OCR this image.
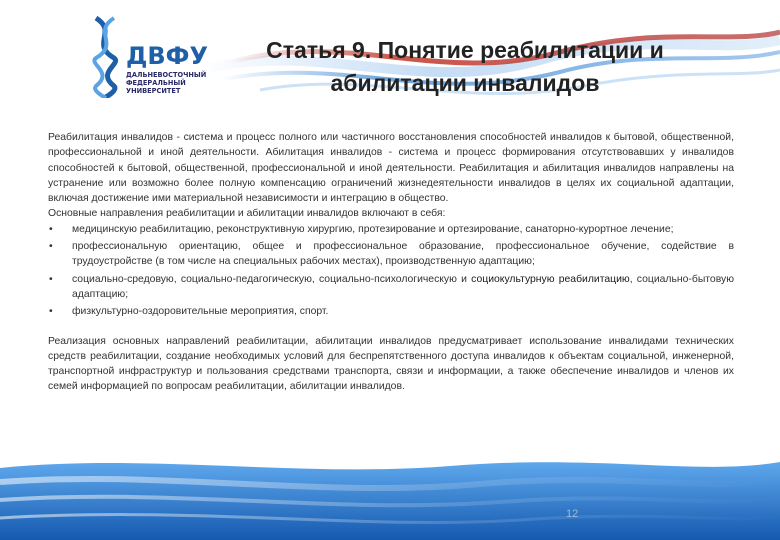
ДВФУ
ДАЛЬНЕВОСТОЧНЫЙ
ФЕДЕРАЛЬНЫЙ
УНИВЕРСИТЕТ
Статья 9. Понятие реабилитации и
абилитации инвалидов

Реабилитация инвалидов - система и процесс полного или частичного восстановления способностей инвалидов к бытовой, общественной, профессиональной и иной деятельности. Абилитация инвалидов - система и процесс формирования отсутствовавших у инвалидов способностей к бытовой, общественной, профессиональной и иной деятельности. Реабилитация и абилитация инвалидов направлены на устранение или возможно более полную компенсацию ограничений жизнедеятельности инвалидов в целях их социальной адаптации, включая достижение ими материальной независимости и интеграцию в общество.

Основные направления реабилитации и абилитации инвалидов включают в себя:

• медицинскую реабилитацию, реконструктивную хирургию, протезирование и ортезирование, санаторно-курортное лечение;
• профессиональную ориентацию, общее и профессиональное образование, профессиональное обучение, содействие в трудоустройстве (в том числе на специальных рабочих местах), производственную адаптацию;
• социально-средовую, социально-педагогическую, социально-психологическую и социокультурную реабилитацию, социально-бытовую адаптацию;
• физкультурно-оздоровительные мероприятия, спорт.

Реализация основных направлений реабилитации, абилитации инвалидов предусматривает использование инвалидами технических средств реабилитации, создание необходимых условий для беспрепятственного доступа инвалидов к объектам социальной, инженерной, транспортной инфраструктур и пользования средствами транспорта, связи и информации, а также обеспечение инвалидов и членов их семей информацией по вопросам реабилитации, абилитации инвалидов.

12
